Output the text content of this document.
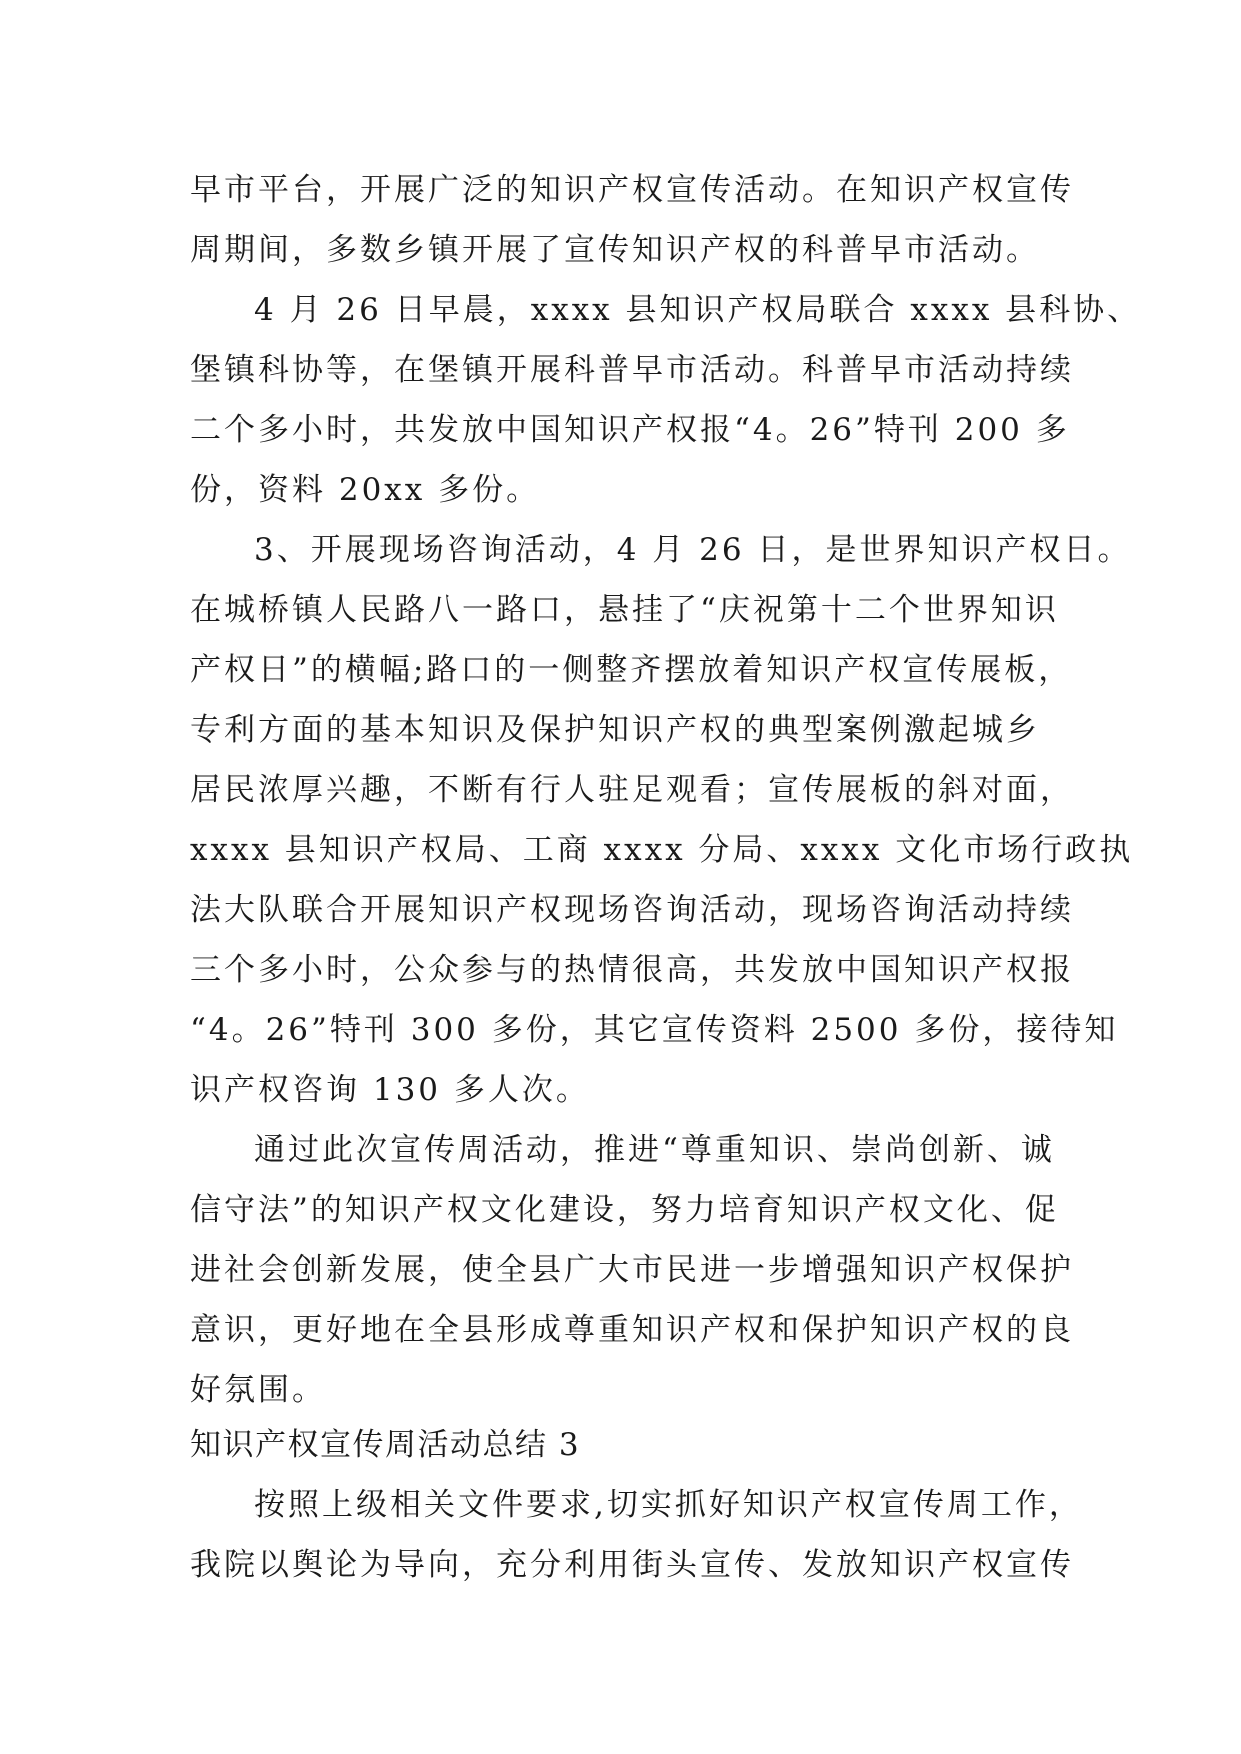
早市平台，开展广泛的知识产权宣传活动。在知识产权宣传
周期间，多数乡镇开展了宣传知识产权的科普早市活动。
4 月 26 日早晨，xxxx 县知识产权局联合 xxxx 县科协、
堡镇科协等，在堡镇开展科普早市活动。科普早市活动持续
二个多小时，共发放中国知识产权报“4。26”特刊 200 多
份，资料 20xx 多份。
3、开展现场咨询活动，4 月 26 日，是世界知识产权日。
在城桥镇人民路八一路口，悬挂了“庆祝第十二个世界知识
产权日”的横幅;路口的一侧整齐摆放着知识产权宣传展板，
专利方面的基本知识及保护知识产权的典型案例激起城乡
居民浓厚兴趣，不断有行人驻足观看；宣传展板的斜对面，
xxxx 县知识产权局、工商 xxxx 分局、xxxx 文化市场行政执
法大队联合开展知识产权现场咨询活动，现场咨询活动持续
三个多小时，公众参与的热情很高，共发放中国知识产权报
“4。26”特刊 300 多份，其它宣传资料 2500 多份，接待知
识产权咨询 130 多人次。
通过此次宣传周活动，推进“尊重知识、崇尚创新、诚
信守法”的知识产权文化建设，努力培育知识产权文化、促
进社会创新发展，使全县广大市民进一步增强知识产权保护
意识，更好地在全县形成尊重知识产权和保护知识产权的良
好氛围。
知识产权宣传周活动总结 3
按照上级相关文件要求,切实抓好知识产权宣传周工作，
我院以舆论为导向，充分利用街头宣传、发放知识产权宣传
